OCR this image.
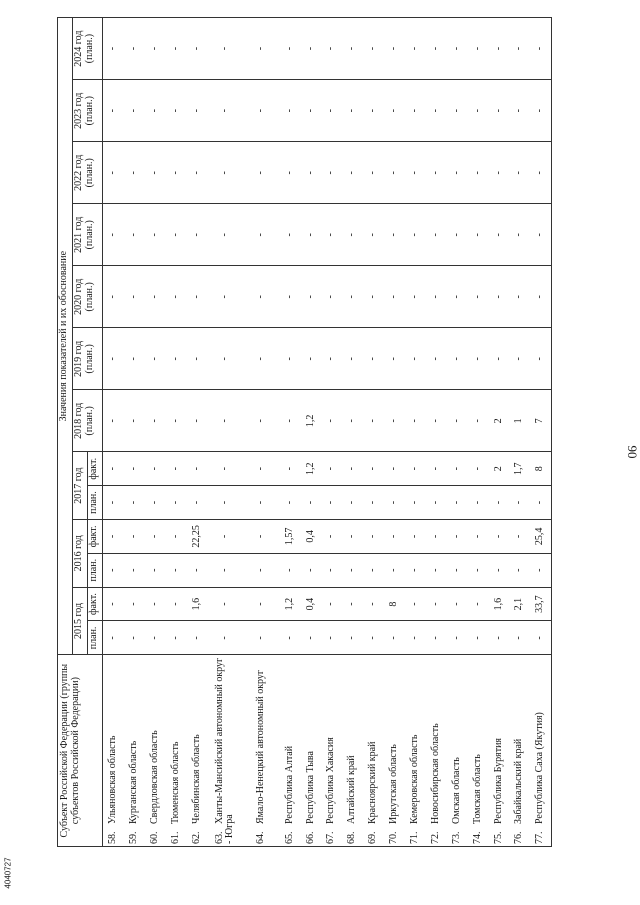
90
4040727
Субъект Российской Федерации (группы субъектов Российской Федерации)	Значения показателей и их обоснование												
	2015 год		2016 год		2017 год		2018 год (план.)	2019 год (план.)	2020 год (план.)	2021 год (план.)	2022 год (план.)	2023 год (план.)	2024 год (план.)
	план.	факт.	план.	факт.	план.	факт.							
58.Ульяновская область	-	-	-	-	-	-	-	-	-	-	-	-	-
59.Курганская область	-	-	-	-	-	-	-	-	-	-	-	-	-
60.Свердловская область	-	-	-	-	-	-	-	-	-	-	-	-	-
61.Тюменская область	-	-	-	-	-	-	-	-	-	-	-	-	-
62.Челябинская область	-	1,6	-	22,25	-	-	-	-	-	-	-	-	-
63.Ханты-Мансийский автономный округ - Югра	-	-	-	-	-	-	-	-	-	-	-	-	-
64.Ямало-Ненецкий автономный округ	-	-	-	-	-	-	-	-	-	-	-	-	-
65.Республика Алтай	-	1,2	-	1,57	-	-	-	-	-	-	-	-	-
66.Республика Тыва	-	0,4	-	0,4	-	1,2	1,2	-	-	-	-	-	-
67.Республика Хакасия	-	-	-	-	-	-	-	-	-	-	-	-	-
68.Алтайский край	-	-	-	-	-	-	-	-	-	-	-	-	-
69.Красноярский край	-	-	-	-	-	-	-	-	-	-	-	-	-
70.Иркутская область	-	8	-	-	-	-	-	-	-	-	-	-	-
71.Кемеровская область	-	-	-	-	-	-	-	-	-	-	-	-	-
72.Новосибирская область	-	-	-	-	-	-	-	-	-	-	-	-	-
73.Омская область	-	-	-	-	-	-	-	-	-	-	-	-	-
74.Томская область	-	-	-	-	-	-	-	-	-	-	-	-	-
75.Республика Бурятия	-	1,6	-	-	-	2	2	-	-	-	-	-	-
76.Забайкальский край	-	2,1	-	-	-	1,7	1	-	-	-	-	-	-
77.Республика Саха (Якутия)	-	33,7	-	25,4	-	8	7	-	-	-	-	-	-
